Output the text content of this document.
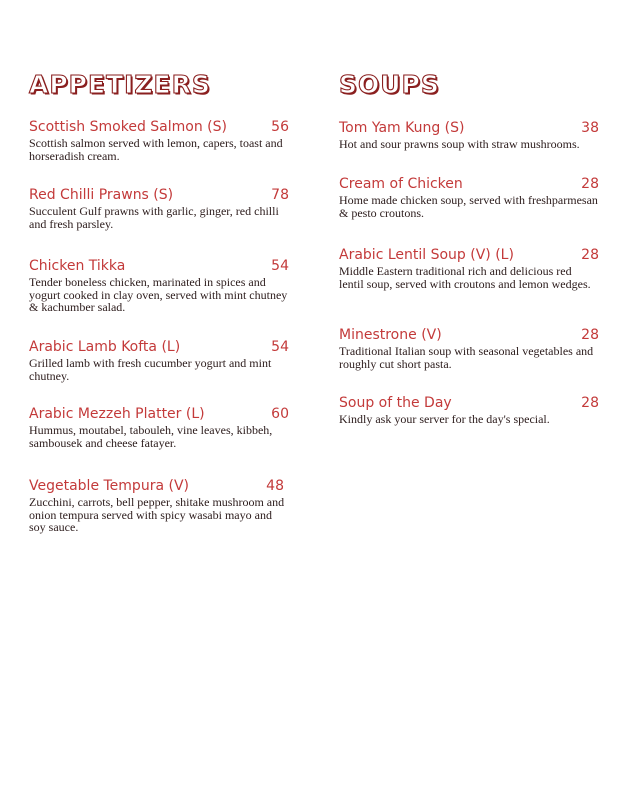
APPETIZERS
Scottish Smoked Salmon (S)	56
Scottish salmon served with lemon, capers, toast and horseradish cream.
Red Chilli Prawns (S)	78
Succulent Gulf prawns with garlic, ginger, red chilli and fresh parsley.
Chicken Tikka	54
Tender boneless chicken, marinated in spices and yogurt cooked in clay oven, served with mint chutney & kachumber salad.
Arabic Lamb Kofta (L)	54
Grilled lamb with fresh cucumber yogurt and mint chutney.
Arabic Mezzeh Platter (L)	60
Hummus, moutabel, tabouleh, vine leaves, kibbeh, sambousek and cheese fatayer.
Vegetable Tempura (V)	48
Zucchini, carrots, bell pepper, shitake mushroom and onion tempura served with spicy wasabi mayo and soy sauce.
SOUPS
Tom Yam Kung (S)	38
Hot and sour prawns soup with straw mushrooms.
Cream of Chicken	28
Home made chicken soup, served with freshparmesan & pesto croutons.
Arabic Lentil Soup (V) (L)	28
Middle Eastern traditional rich and delicious red lentil soup, served with croutons and lemon wedges.
Minestrone (V)	28
Traditional Italian soup with seasonal vegetables and roughly cut short pasta.
Soup of the Day	28
Kindly ask your server for the day's special.
